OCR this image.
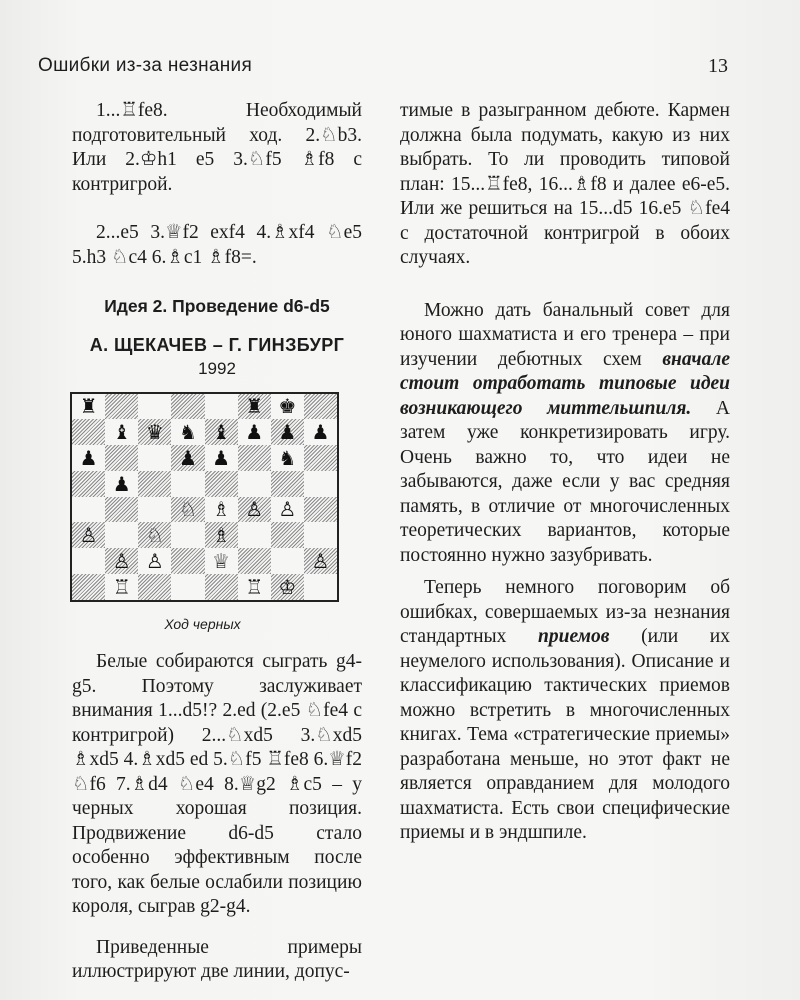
Ошибки из-за незнания	13

1...♖fe8. Необходимый подготовительный ход. 2.♘b3. Или 2.♔h1 e5 3.♘f5 ♗f8 с контригрой.

2...e5 3.♕f2 exf4 4.♗xf4 ♘e5 5.h3 ♘c4 6.♗c1 ♗f8=.

Идея 2. Проведение d6-d5
А. ЩЕКАЧЕВ – Г. ГИНЗБУРГ
1992
♜	♜ ♚
♝ ♛ ♞ ♝ ♟ ♟ ♟
♟	♟ ♟ ♞
♟
♘ ♗ ♙ ♙
♙ ♘ ♗
♙ ♙ ♕	♙
♖	♖ ♔
Ход черных

Белые собираются сыграть g4-g5. Поэтому заслуживает внимания 1...d5!? 2.ed (2.e5 ♘fe4 с контригрой) 2...♘xd5 3.♘xd5 ♗xd5 4.♗xd5 ed 5.♘f5 ♖fe8 6.♕f2 ♘f6 7.♗d4 ♘e4 8.♕g2 ♗c5 – у черных хорошая позиция. Продвижение d6-d5 стало особенно эффективным после того, как белые ослабили позицию короля, сыграв g2-g4.

Приведенные примеры иллюстрируют две линии, допус-

тимые в разыгранном дебюте. Кармен должна была подумать, какую из них выбрать. То ли проводить типовой план: 15...♖fe8, 16...♗f8 и далее e6-e5. Или же решиться на 15...d5 16.e5 ♘fe4 с достаточной контригрой в обоих случаях.

Можно дать банальный совет для юного шахматиста и его тренера – при изучении дебютных схем вначале стоит отработать типовые идеи возникающего миттельшпиля. А затем уже конкретизировать игру. Очень важно то, что идеи не забываются, даже если у вас средняя память, в отличие от многочисленных теоретических вариантов, которые постоянно нужно зазубривать.

Теперь немного поговорим об ошибках, совершаемых из-за незнания стандартных приемов (или их неумелого использования). Описание и классификацию тактических приемов можно встретить в многочисленных книгах. Тема «стратегические приемы» разработана меньше, но этот факт не является оправданием для молодого шахматиста. Есть свои специфические приемы и в эндшпиле.
